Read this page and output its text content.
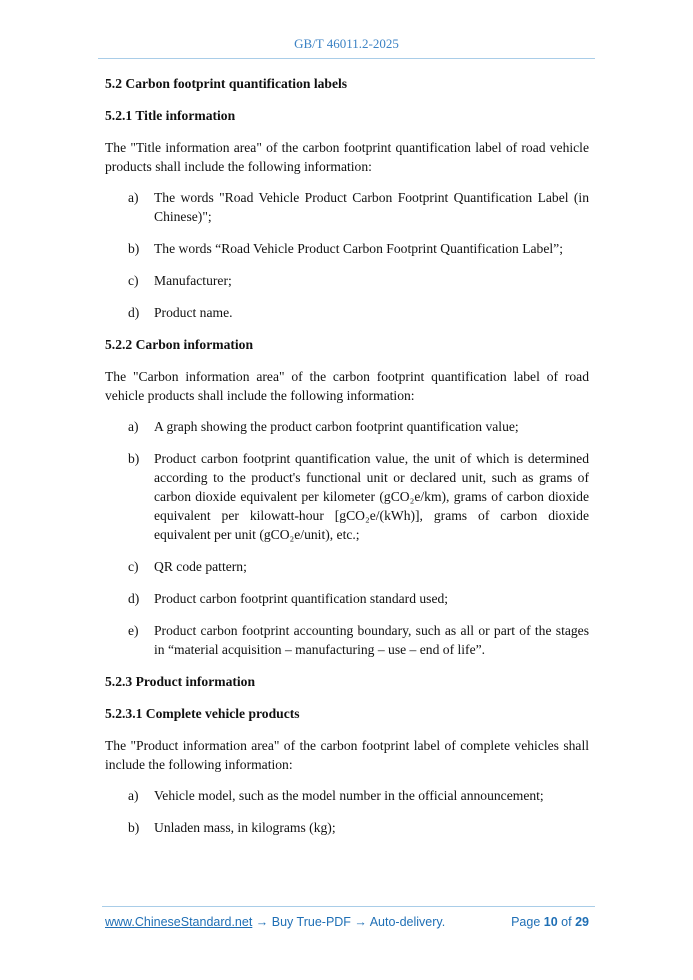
GB/T 46011.2-2025

5.2 Carbon footprint quantification labels

5.2.1 Title information

The "Title information area" of the carbon footprint quantification label of road vehicle products shall include the following information:

a)	The words "Road Vehicle Product Carbon Footprint Quantification Label (in Chinese)";
b)	The words “Road Vehicle Product Carbon Footprint Quantification Label”;
c)	Manufacturer;
d)	Product name.

5.2.2 Carbon information

The "Carbon information area" of the carbon footprint quantification label of road vehicle products shall include the following information:

a)	A graph showing the product carbon footprint quantification value;
b)	Product carbon footprint quantification value, the unit of which is determined according to the product's functional unit or declared unit, such as grams of carbon dioxide equivalent per kilometer (gCO₂e/km), grams of carbon dioxide equivalent per kilowatt-hour [gCO₂e/(kWh)], grams of carbon dioxide equivalent per unit (gCO₂e/unit), etc.;
c)	QR code pattern;
d)	Product carbon footprint quantification standard used;
e)	Product carbon footprint accounting boundary, such as all or part of the stages in “material acquisition – manufacturing – use – end of life”.

5.2.3 Product information

5.2.3.1 Complete vehicle products

The "Product information area" of the carbon footprint label of complete vehicles shall include the following information:

a)	Vehicle model, such as the model number in the official announcement;
b)	Unladen mass, in kilograms (kg);
www.ChineseStandard.net → Buy True-PDF → Auto-delivery.	Page 10 of 29
